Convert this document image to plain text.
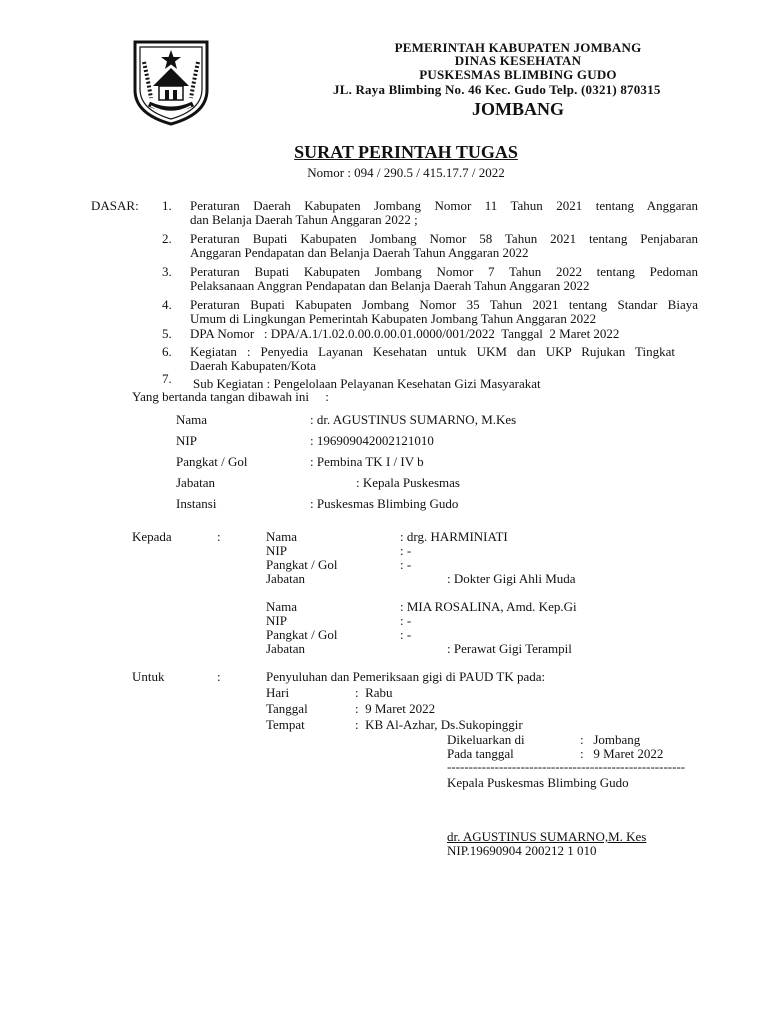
PEMERINTAH KABUPATEN JOMBANG
DINAS KESEHATAN
PUSKESMAS BLIMBING GUDO
JL. Raya Blimbing No. 46 Kec. Gudo Telp. (0321) 870315
JOMBANG
SURAT PERINTAH TUGAS
Nomor : 094 / 290.5 / 415.17.7 / 2022
DASAR: 1. Peraturan Daerah Kabupaten Jombang Nomor 11 Tahun 2021 tentang Anggaran
dan Belanja Daerah Tahun Anggaran 2022 ;
2. Peraturan Bupati Kabupaten Jombang Nomor 58 Tahun 2021 tentang Penjabaran
Anggaran Pendapatan dan Belanja Daerah Tahun Anggaran 2022
3. Peraturan Bupati Kabupaten Jombang Nomor 7 Tahun 2022 tentang Pedoman
Pelaksanaan Anggran Pendapatan dan Belanja Daerah Tahun Anggaran 2022
4. Peraturan Bupati Kabupaten Jombang Nomor 35 Tahun 2021 tentang Standar Biaya
Umum di Lingkungan Pemerintah Kabupaten Jombang Tahun Anggaran 2022
5. DPA Nomor   : DPA/A.1/1.02.0.00.0.00.01.0000/001/2022  Tanggal  2 Maret 2022
6. Kegiatan : Penyedia Layanan Kesehatan untuk UKM dan UKP Rujukan Tingkat
Daerah Kabupaten/Kota
7. Sub Kegiatan : Pengelolaan Pelayanan Kesehatan Gizi Masyarakat
Yang bertanda tangan dibawah ini     :
Nama	: dr. AGUSTINUS SUMARNO, M.Kes
NIP	: 196909042002121010
Pangkat / Gol	: Pembina TK I / IV b
Jabatan	: Kepala Puskesmas
Instansi	: Puskesmas Blimbing Gudo
Kepada	:	Nama	: drg. HARMINIATI
NIP	: -
Pangkat / Gol	: -
Jabatan	: Dokter Gigi Ahli Muda
Nama	: MIA ROSALINA, Amd. Kep.Gi
NIP	: -
Pangkat / Gol	: -
Jabatan	: Perawat Gigi Terampil
Untuk	:	Penyuluhan dan Pemeriksaan gigi di PAUD TK pada:
Hari	:  Rabu
Tanggal	:  9 Maret 2022
Tempat	:  KB Al-Azhar, Ds.Sukopinggir
Dikeluarkan di	:   Jombang
Pada tanggal	:   9 Maret 2022
-------------------------------------------------------
Kepala Puskesmas Blimbing Gudo
dr. AGUSTINUS SUMARNO,M. Kes
NIP.19690904 200212 1 010
